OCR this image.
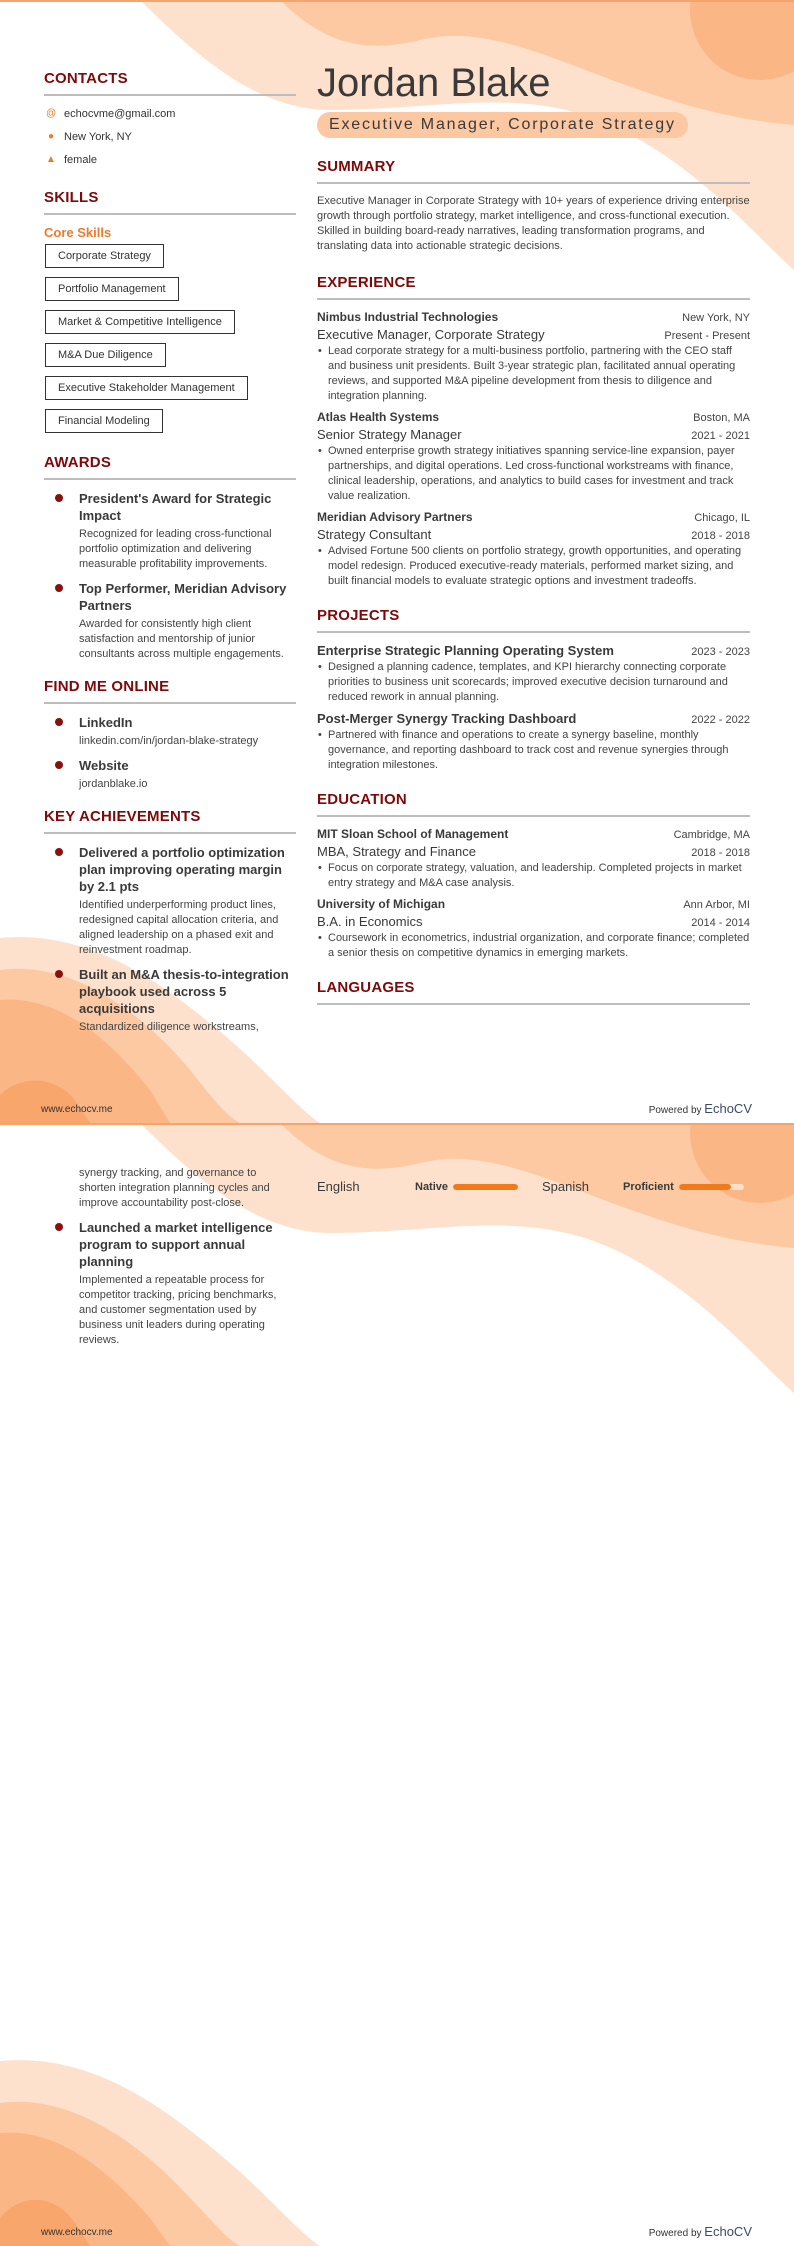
CONTACTS
@ echocvme@gmail.com
● New York, NY
▲ female
SKILLS
Core Skills
Corporate Strategy
Portfolio Management
Market & Competitive Intelligence
M&A Due Diligence
Executive Stakeholder Management
Financial Modeling
AWARDS
President's Award for Strategic Impact
Recognized for leading cross-functional portfolio optimization and delivering measurable profitability improvements.
Top Performer, Meridian Advisory Partners
Awarded for consistently high client satisfaction and mentorship of junior consultants across multiple engagements.
FIND ME ONLINE
LinkedIn
linkedin.com/in/jordan-blake-strategy
Website
jordanblake.io
KEY ACHIEVEMENTS
Delivered a portfolio optimization plan improving operating margin by 2.1 pts
Identified underperforming product lines, redesigned capital allocation criteria, and aligned leadership on a phased exit and reinvestment roadmap.
Built an M&A thesis-to-integration playbook used across 5 acquisitions
Standardized diligence workstreams,
Jordan Blake
Executive Manager, Corporate Strategy
SUMMARY
Executive Manager in Corporate Strategy with 10+ years of experience driving enterprise growth through portfolio strategy, market intelligence, and cross-functional execution. Skilled in building board-ready narratives, leading transformation programs, and translating data into actionable strategic decisions.
EXPERIENCE
Nimbus Industrial Technologies	New York, NY
Executive Manager, Corporate Strategy	Present - Present
• Lead corporate strategy for a multi-business portfolio, partnering with the CEO staff and business unit presidents. Built 3-year strategic plan, facilitated annual operating reviews, and supported M&A pipeline development from thesis to diligence and integration planning.
Atlas Health Systems	Boston, MA
Senior Strategy Manager	2021 - 2021
• Owned enterprise growth strategy initiatives spanning service-line expansion, payer partnerships, and digital operations. Led cross-functional workstreams with finance, clinical leadership, operations, and analytics to build cases for investment and track value realization.
Meridian Advisory Partners	Chicago, IL
Strategy Consultant	2018 - 2018
• Advised Fortune 500 clients on portfolio strategy, growth opportunities, and operating model redesign. Produced executive-ready materials, performed market sizing, and built financial models to evaluate strategic options and investment tradeoffs.
PROJECTS
Enterprise Strategic Planning Operating System	2023 - 2023
• Designed a planning cadence, templates, and KPI hierarchy connecting corporate priorities to business unit scorecards; improved executive decision turnaround and reduced rework in annual planning.
Post-Merger Synergy Tracking Dashboard	2022 - 2022
• Partnered with finance and operations to create a synergy baseline, monthly governance, and reporting dashboard to track cost and revenue synergies through integration milestones.
EDUCATION
MIT Sloan School of Management	Cambridge, MA
MBA, Strategy and Finance	2018 - 2018
• Focus on corporate strategy, valuation, and leadership. Completed projects in market entry strategy and M&A case analysis.
University of Michigan	Ann Arbor, MI
B.A. in Economics	2014 - 2014
• Coursework in econometrics, industrial organization, and corporate finance; completed a senior thesis on competitive dynamics in emerging markets.
LANGUAGES
www.echocv.me	Powered by EchoCV
synergy tracking, and governance to shorten integration planning cycles and improve accountability post-close.
Launched a market intelligence program to support annual planning
Implemented a repeatable process for competitor tracking, pricing benchmarks, and customer segmentation used by business unit leaders during operating reviews.
English	Native	Spanish	Proficient
www.echocv.me	Powered by EchoCV
